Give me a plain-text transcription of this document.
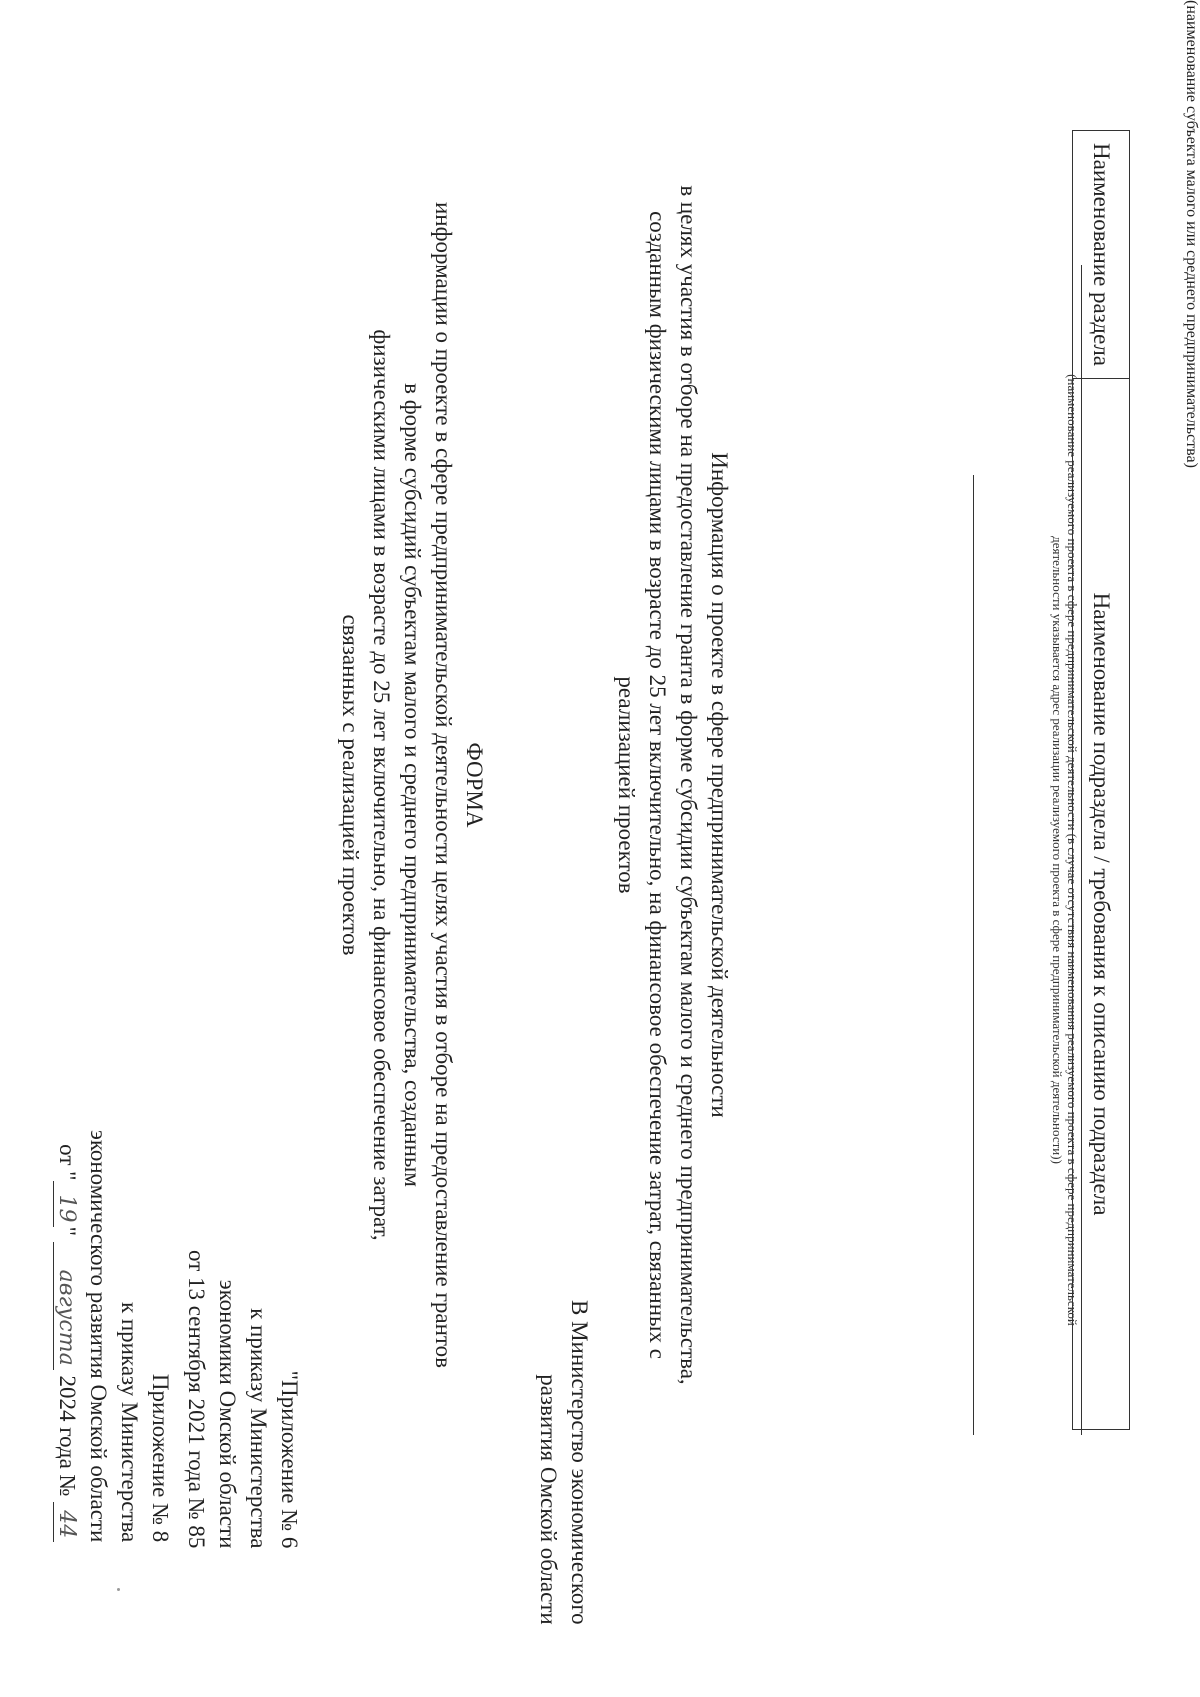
Приложение № 8
к приказу Министерства
экономического развития Омской области
от "19" августа 2024 года № 44	"Приложение № 6
к приказу Министерства
экономики Омской области
от 13 сентября 2021 года № 85	В Министерство экономического
развития Омской области
ФОРМА
информации о проекте в сфере предпринимательской деятельности целях участия в отборе на предоставление грантов
в форме субсидий субъектам малого и среднего предпринимательства, созданным
физическими лицами в возрасте до 25 лет включительно, на финансовое обеспечение затрат,
связанных с реализацией проектов	Информация о проекте в сфере предпринимательской деятельности
в целях участия в отборе на предоставление гранта в форме субсидии субъектам малого и среднего предпринимательства,
созданным физическими лицами в возрасте до 25 лет включительно, на финансовое обеспечение затрат, связанных с
реализацией проектов
(наименование субъекта малого или среднего предпринимательства)
(наименование реализуемого проекта в сфере предпринимательской деятельности (в случае отсутствия наименования реализуемого проекта в сфере предпринимательской
деятельности указывается адрес реализации реализуемого проекта в сфере предпринимательской деятельности))
Наименование раздела	Наименование подраздела / требования к описанию подраздела
